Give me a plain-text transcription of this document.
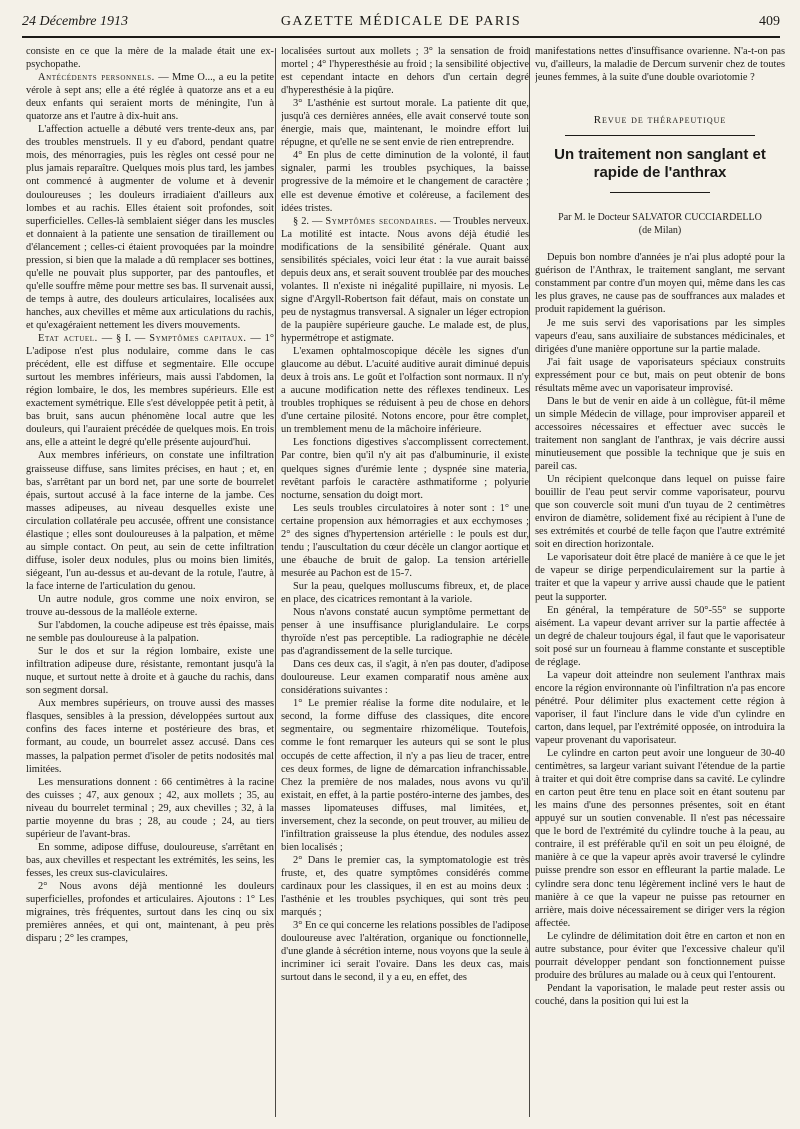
24 Décembre 1913	GAZETTE MÉDICALE DE PARIS	409

consiste en ce que la mère de la malade était une ex-psychopathe.

Antécédents personnels. — Mme O..., a eu la petite vérole à sept ans; elle a été réglée à quatorze ans et a eu deux enfants qui seraient morts de méningite, l'un à quatorze ans et l'autre à dix-huit ans.

L'affection actuelle a débuté vers trente-deux ans, par des troubles menstruels. Il y eu d'abord, pendant quatre mois, des ménorragies, puis les règles ont cessé pour ne plus jamais reparaître. Quelques mois plus tard, les jambes ont commencé à augmenter de volume et à devenir douloureuses ; les douleurs irradiaient d'ailleurs aux lombes et au rachis. Elles étaient soit profondes, soit superficielles. Celles-là semblaient siéger dans les muscles et donnaient à la patiente une sensation de tiraillement ou d'élancement ; celles-ci étaient provoquées par la moindre pression, si bien que la malade a dû remplacer ses bottines, qu'elle ne pouvait plus supporter, par des pantoufles, et qu'elle souffre même pour mettre ses bas. Il survenait aussi, de temps à autre, des douleurs articulaires, localisées aux hanches, aux chevilles et même aux articulations du rachis, et qu'exagéraient nettement les divers mouvements.

Etat actuel. — § I. — Symptômes capitaux. — 1° L'adipose n'est plus nodulaire, comme dans le cas précédent, elle est diffuse et segmentaire. Elle occupe surtout les membres inférieurs, mais aussi l'abdomen, la région lombaire, le dos, les membres supérieurs. Elle est exactement symétrique. Elle s'est développée petit à petit, à bas bruit, sans aucun phénomène local autre que les douleurs, qui l'auraient précédée de quelques mois. En trois ans, elle a atteint le degré qu'elle présente aujourd'hui.

Aux membres inférieurs, on constate une infiltration graisseuse diffuse, sans limites précises, en haut ; et, en bas, s'arrêtant par un bord net, par une sorte de bourrelet épais, surtout accusé à la face interne de la jambe. Ces masses adipeuses, au niveau desquelles existe une circulation collatérale peu accusée, offrent une consistance élastique ; elles sont douloureuses à la palpation, et même au simple contact. On peut, au sein de cette infiltration diffuse, isoler deux nodules, plus ou moins bien limités, siégeant, l'un au-dessus et au-devant de la rotule, l'autre, à la face interne de l'articulation du genou.

Un autre nodule, gros comme une noix environ, se trouve au-dessous de la malléole externe.

Sur l'abdomen, la couche adipeuse est très épaisse, mais ne semble pas douloureuse à la palpation.

Sur le dos et sur la région lombaire, existe une infiltration adipeuse dure, résistante, remontant jusqu'à la nuque, et surtout nette à droite et à gauche du rachis, dans son segment dorsal.

Aux membres supérieurs, on trouve aussi des masses flasques, sensibles à la pression, développées surtout aux confins des faces interne et postérieure des bras, et formant, au coude, un bourrelet assez accusé. Dans ces masses, la palpation permet d'isoler de petits nodosités mal limitées.

Les mensurations donnent : 66 centimètres à la racine des cuisses ; 47, aux genoux ; 42, aux mollets ; 35, au niveau du bourrelet terminal ; 29, aux chevilles ; 32, à la partie moyenne du bras ; 28, au coude ; 24, au tiers supérieur de l'avant-bras.

En somme, adipose diffuse, douloureuse, s'arrêtant en bas, aux chevilles et respectant les extrémités, les seins, les fesses, les creux sus-claviculaires.

2° Nous avons déjà mentionné les douleurs superficielles, profondes et articulaires. Ajoutons : 1° Les migraines, très fréquentes, surtout dans les cinq ou six premières années, et qui ont, maintenant, à peu près disparu ; 2° les crampes,

localisées surtout aux mollets ; 3° la sensation de froid mortel ; 4° l'hyperesthésie au froid ; la sensibilité objective est cependant intacte en dehors d'un certain degré d'hyperesthésie à la piqûre.

3° L'asthénie est surtout morale. La patiente dit que, jusqu'à ces dernières années, elle avait conservé toute son énergie, mais que, maintenant, le moindre effort lui répugne, et qu'elle ne se sent envie de rien entreprendre.

4° En plus de cette diminution de la volonté, il faut signaler, parmi les troubles psychiques, la baisse progressive de la mémoire et le changement de caractère ; elle est devenue émotive et coléreuse, a facilement des idées tristes.

§ 2. — Symptômes secondaires. — Troubles nerveux. La motilité est intacte. Nous avons déjà étudié les modifications de la sensibilité générale. Quant aux sensibilités spéciales, voici leur état : la vue aurait baissé depuis deux ans, et serait souvent troublée par des mouches volantes. Il n'existe ni inégalité pupillaire, ni myosis. Le signe d'Argyll-Robertson fait défaut, mais on constate un peu de nystagmus transversal. A signaler un léger ectropion de la paupière supérieure gauche. Le malade est, de plus, hypermétrope et astigmate.

L'examen ophtalmoscopique décèle les signes d'un glaucome au début. L'acuité auditive aurait diminué depuis deux à trois ans. Le goût et l'olfaction sont normaux. Il n'y a aucune modification nette des réflexes tendineux. Les troubles trophiques se réduisent à peu de chose en dehors d'une certaine pilosité. Notons encore, pour être complet, un tremblement menu de la mâchoire inférieure.

Les fonctions digestives s'accomplissent correctement. Par contre, bien qu'il n'y ait pas d'albuminurie, il existe quelques signes d'urémie lente ; dyspnée sine materia, revêtant parfois le caractère asthmatiforme ; polyurie nocturne, sensation du doigt mort.

Les seuls troubles circulatoires à noter sont : 1° une certaine propension aux hémorragies et aux ecchymoses ; 2° des signes d'hypertension artérielle : le pouls est dur, tendu ; l'auscultation du cœur décèle un clangor aortique et une ébauche de bruit de galop. La tension artérielle mesurée au Pachon est de 15-7.

Sur la peau, quelques molluscums fibreux, et, de place en place, des cicatrices remontant à la variole.

Nous n'avons constaté aucun symptôme permettant de penser à une insuffisance pluriglandulaire. Le corps thyroïde n'est pas perceptible. La radiographie ne décèle pas d'agrandissement de la selle turcique.

Dans ces deux cas, il s'agit, à n'en pas douter, d'adipose douloureuse. Leur examen comparatif nous amène aux considérations suivantes :

1° Le premier réalise la forme dite nodulaire, et le second, la forme diffuse des classiques, dite encore segmentaire, ou segmentaire rhizomélique. Toutefois, comme le font remarquer les auteurs qui se sont le plus occupés de cette affection, il n'y a pas lieu de tracer, entre ces deux formes, de ligne de démarcation infranchissable. Chez la première de nos malades, nous avons vu qu'il existait, en effet, à la partie postéro-interne des jambes, des masses lipomateuses diffuses, mal limitées, et, inversement, chez la seconde, on peut trouver, au milieu de l'infiltration graisseuse la plus étendue, des nodules assez bien localisés ;

2° Dans le premier cas, la symptomatologie est très fruste, et, des quatre symptômes considérés comme cardinaux pour les classiques, il en est au moins deux : l'asthénie et les troubles psychiques, qui sont très peu marqués ;

3° En ce qui concerne les relations possibles de l'adipose douloureuse avec l'altération, organique ou fonctionnelle, d'une glande à sécrétion interne, nous voyons que la seule à incriminer ici serait l'ovaire. Dans les deux cas, mais surtout dans le second, il y a eu, en effet, des

manifestations nettes d'insuffisance ovarienne. N'a-t-on pas vu, d'ailleurs, la maladie de Dercum survenir chez de toutes jeunes femmes, à la suite d'une double ovariotomie ?

Revue de thérapeutique
Un traitement non sanglant et rapide de l'anthrax
Par M. le Docteur SALVATOR CUCCIARDELLO
(de Milan)

Depuis bon nombre d'années je n'ai plus adopté pour la guérison de l'Anthrax, le traitement sanglant, me servant constamment par contre d'un moyen qui, même dans les cas les plus graves, ne cause pas de souffrances aux malades et produit rapidement la guérison.

Je me suis servi des vaporisations par les simples vapeurs d'eau, sans auxiliaire de substances médicinales, et dirigées d'une manière opportune sur la partie malade.

J'ai fait usage de vaporisateurs spéciaux construits expressément pour ce but, mais on peut obtenir de bons résultats même avec un vaporisateur improvisé.

Dans le but de venir en aide à un collègue, fût-il même un simple Médecin de village, pour improviser appareil et accessoires nécessaires et effectuer avec succès le traitement non sanglant de l'anthrax, je vais décrire aussi minutieusement que possible la technique que je suis en pareil cas.

Un récipient quelconque dans lequel on puisse faire bouillir de l'eau peut servir comme vaporisateur, pourvu que son couvercle soit muni d'un tuyau de 2 centimètres environ de diamètre, solidement fixé au récipient à l'une de ses extrémités et courbé de telle façon que l'autre extrémité soit en direction horizontale.

Le vaporisateur doit être placé de manière à ce que le jet de vapeur se dirige perpendiculairement sur la partie à traiter et que la vapeur y arrive aussi chaude que le patient peut la supporter.

En général, la température de 50°-55° se supporte aisément. La vapeur devant arriver sur la partie affectée à un degré de chaleur toujours égal, il faut que le vaporisateur soit posé sur un fourneau à flamme constante et susceptible de réglage.

La vapeur doit atteindre non seulement l'anthrax mais encore la région environnante où l'infiltration n'a pas encore pénétré. Pour délimiter plus exactement cette région à vaporiser, il faut l'inclure dans le vide d'un cylindre en carton, dans lequel, par l'extrémité opposée, on introduira la vapeur provenant du vaporisateur.

Le cylindre en carton peut avoir une longueur de 30-40 centimètres, sa largeur variant suivant l'étendue de la partie à traiter et qui doit être comprise dans sa cavité. Le cylindre en carton peut être tenu en place soit en étant soutenu par les mains d'une des personnes présentes, soit en étant appuyé sur un soutien convenable. Il n'est pas nécessaire que le bord de l'extrémité du cylindre touche à la peau, au contraire, il est préférable qu'il en soit un peu éloigné, de manière à ce que la vapeur après avoir traversé le cylindre puisse prendre son essor en effleurant la partie malade. Le cylindre sera donc tenu légèrement incliné vers le haut de manière à ce que la vapeur ne puisse pas retourner en arrière, mais doive nécessairement se diriger vers la région affectée.

Le cylindre de délimitation doit être en carton et non en autre substance, pour éviter que l'excessive chaleur qu'il pourrait développer pendant son fonctionnement puisse produire des brûlures au malade ou à ceux qui l'entourent.

Pendant la vaporisation, le malade peut rester assis ou couché, dans la position qui lui est la
